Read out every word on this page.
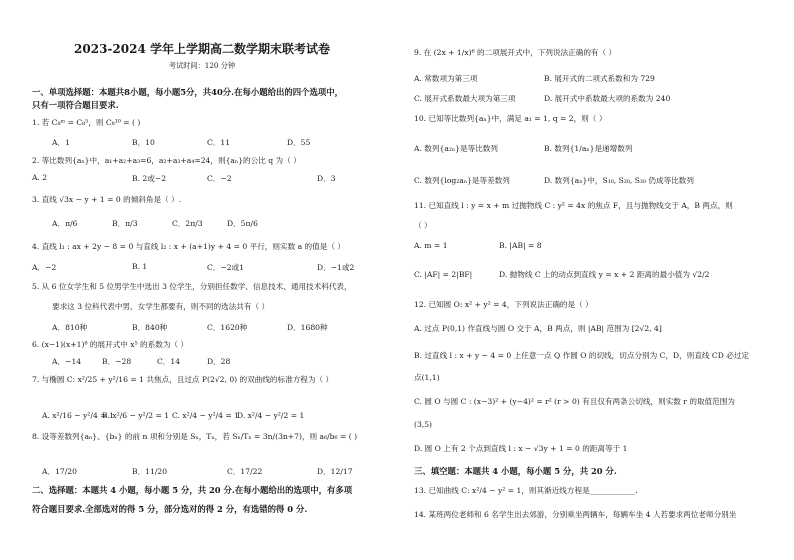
2023-2024 学年上学期高二数学期末联考试卷
考试时间：120 分钟
一、单项选择题：本题共8小题，每小题5分，共40分.在每小题给出的四个选项中，
只有一项符合题目要求.
1. 若 C₈ᵐ = C₈⁵，则 C₈¹⁰ = ( )
2. 等比数列{aₙ}中，a₁+a₂+a₃=6，a₂+a₃+a₄=24，则{aₙ}的公比 q 为（ ）
3. 直线 √3x − y + 1 = 0 的倾斜角是（ ）.
4. 直线 l₁ : ax + 2y − 8 = 0 与直线 l₂ : x + (a+1)y + 4 = 0 平行，则实数 a 的值是（ ）
5. 从 6 位女学生和 5 位男学生中选出 3 位学生，分别担任数学、信息技术、通用技术科代表，
要求这 3 位科代表中男、女学生都要有，则不同的选法共有（ ）
6. (x−1)(x+1)⁸ 的展开式中 x⁵ 的系数为（ ）
7. 与椭圆 C: x²/25 + y²/16 = 1 共焦点，且过点 P(2√2, 0) 的双曲线的标准方程为（ ）
8. 设等差数列{aₙ}、{bₙ} 的前 n 项和分别是 Sₙ，Tₙ，若 Sₙ/Tₙ = 3n/(3n+7)，则 a₆/b₆ = ( )
二、选择题：本题共 4 小题，每小题 5 分，共 20 分.在每小题给出的选项中，有多项
符合题目要求.全部选对的得 5 分，部分选对的得 2 分，有选错的得 0 分.
A．1	B．10	C．11	D．55
A. 2	B. 2或−2	C．−2	D．3
A．π/6	B．π/3	C．2π/3	D．5π/6
A．−2	B. 1	C．−2或1	D．−1或2
A．810种	B．840种	C．1620种	D．1680种
A．−14	B．−28	C．14	D．28
A. x²/16 − y²/4 = 1
B. x²/6 − y²/2 = 1 C. x²/4 − y²/4 = 1
D. x²/4 − y²/2 = 1
A．17/20	B．11/20	C．17/22	D．12/17
9. 在 (2x + 1/x)⁶ 的二项展开式中，下列说法正确的有（ ）
A. 常数项为第三项	B. 展开式的二项式系数和为 729
C. 展开式系数最大项为第三项	D. 展开式中系数最大项的系数为 240
10. 已知等比数列{aₙ}中，满足 a₁ = 1, q = 2，则（ ）
A. 数列{a₂ₙ}是等比数列	B. 数列{1/aₙ}是递增数列
C. 数列{log₂aₙ}是等差数列	D. 数列{aₙ}中，S₁₀, S₂₀, S₃₀ 仍成等比数列
11. 已知直线 l : y = x + m 过抛物线 C : y² = 4x 的焦点 F，且与抛物线交于 A，B 两点，则
（ ）
A. m = 1	B. |AB| = 8
C. |AF| = 2|BF|	D. 抛物线 C 上的动点到直线 y = x + 2 距离的最小值为 √2/2
12. 已知圆 O: x² + y² = 4，下列说法正确的是（ ）
A. 过点 P(0,1) 作直线与圆 O 交于 A，B 两点，则 |AB| 范围为 [2√2, 4]
B. 过直线 l : x + y − 4 = 0 上任意一点 Q 作圆 O 的切线，切点分别为 C，D，则直线 CD 必过定
点(1,1)
C. 圆 O 与圆 C : (x−3)² + (y−4)² = r² (r > 0) 有且仅有两条公切线，则实数 r 的取值范围为
(3,5)
D. 圆 O 上有 2 个点到直线 l : x − √3y + 1 = 0 的距离等于 1
三、填空题：本题共 4 小题，每小题 5 分，共 20 分.
13. 已知曲线 C: x²/4 − y² = 1，则其渐近线方程是____________.
14. 某班两位老师和 6 名学生出去郊游，分别乘坐两辆车，每辆车坐 4 人若要求两位老师分别坐
